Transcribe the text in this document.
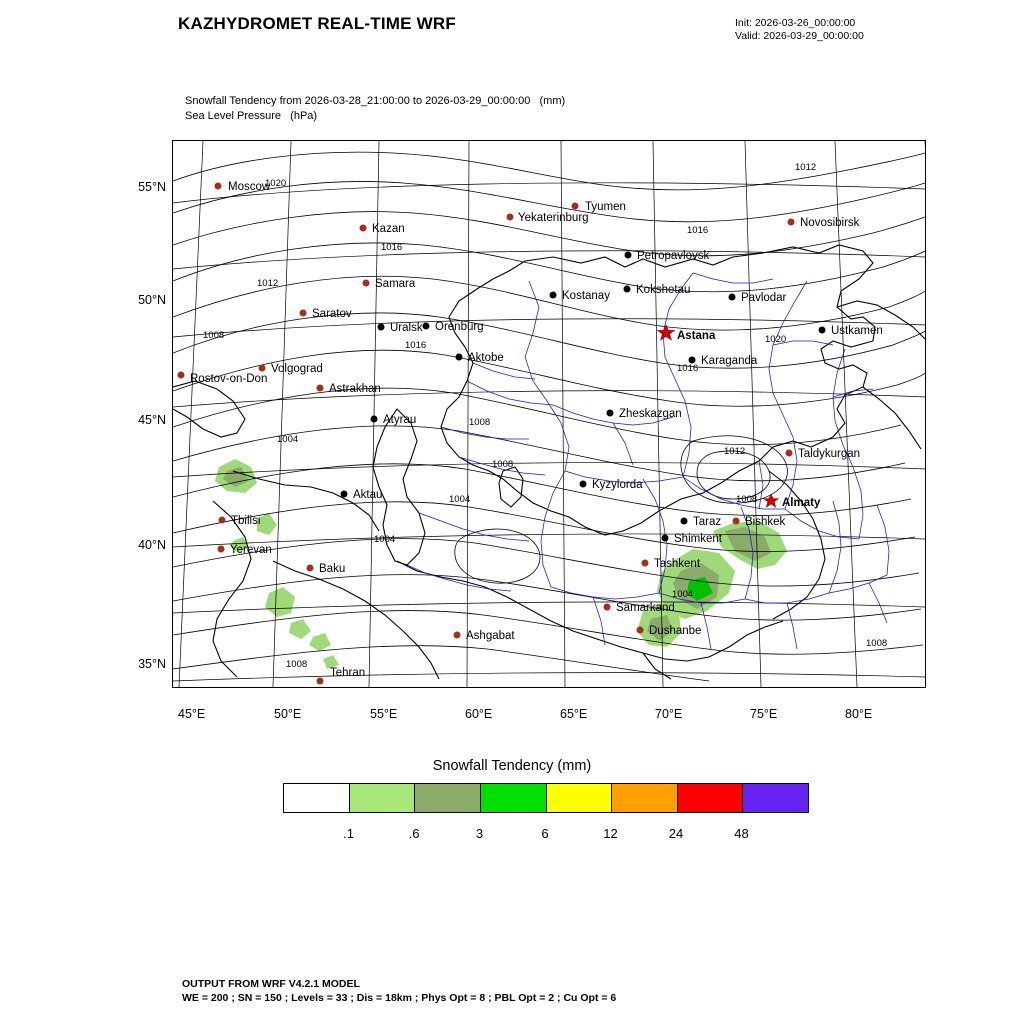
KAZHYDROMET REAL-TIME WRF	Init: 2026-03-26_00:00:00
Valid: 2026-03-29_00:00:00
Snowfall Tendency from 2026-03-28_21:00:00 to 2026-03-29_00:00:00   (mm)
Sea Level Pressure   (hPa)
Moscow
Kazan
Yekaterinburg
Tyumen
Novosibirsk
Petropavlovsk
Samara
Kostanay Kokshetau
Pavlodar
Saratov
Uralsk Orenburg
Astana	Ustkamen
Aktobe	Karaganda
Rostov-on-Don
Volgograd
Astrakhan
Atyrau	Zheskazgan
Taldykurgan
Aktau
Kyzylorda
Almaty
Taraz Bishkek
Shimkent
Tbilisi
Yerevan
Tashkent
Baku
Samarkand
Dushanbe
Ashgabat
Tehran
1020
1012
1016
1016
1012
1008
1016
1020
1016
1008
1004
1012
1008
1004	1008
1004
1004
1008
1008
55°N
50°N
45°N
40°N
35°N
45°E	50°E	55°E	60°E	65°E	70°E	75°E	80°E
Snowfall Tendency (mm)
.1	.6	3	6	12	24	48
OUTPUT FROM WRF V4.2.1 MODEL
WE = 200 ; SN = 150 ; Levels = 33 ; Dis = 18km ; Phys Opt = 8 ; PBL Opt = 2 ; Cu Opt = 6
